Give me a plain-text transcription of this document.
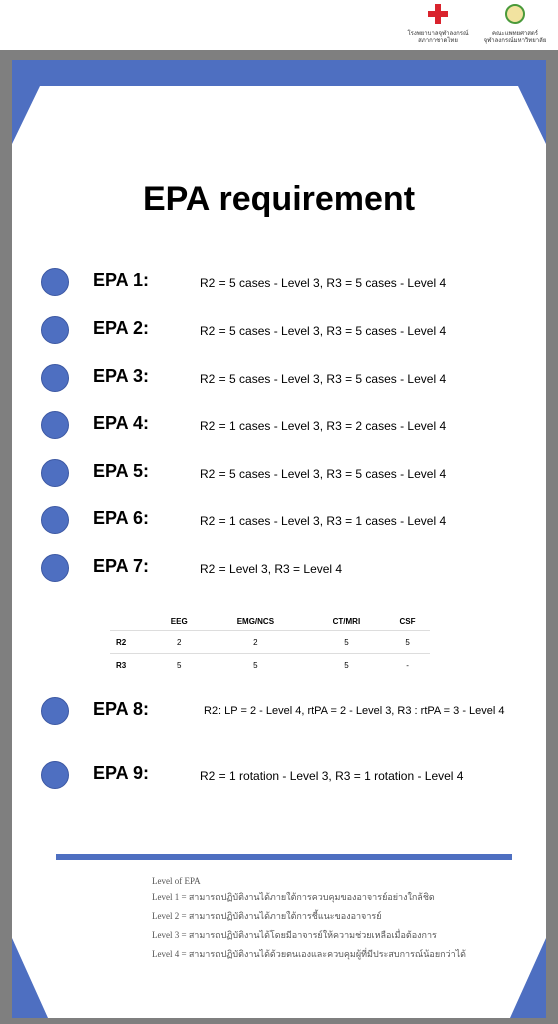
โรงพยาบาลจุฬาลงกรณ์
สภากาชาดไทย
คณะแพทยศาสตร์
จุฬาลงกรณ์มหาวิทยาลัย
EPA requirement
EPA 1:	R2 = 5 cases - Level 3, R3 = 5 cases - Level 4
EPA 2:	R2 = 5 cases - Level 3, R3 = 5 cases - Level 4
EPA 3:	R2 = 5 cases - Level 3, R3 = 5 cases - Level 4
EPA 4:	R2 = 1 cases - Level 3, R3 = 2 cases - Level 4
EPA 5:	R2 = 5 cases - Level 3, R3 = 5 cases - Level 4
EPA 6:	R2 = 1 cases - Level 3, R3 = 1 cases - Level 4
EPA 7:	R2 = Level 3, R3 = Level 4
	EEG	EMG/NCS	CT/MRI	CSF
R2	2	2	5	5
R3	5	5	5	-
EPA 8:	R2: LP = 2 - Level 4, rtPA = 2 - Level 3, R3 : rtPA = 3 - Level 4
EPA 9:	R2 = 1 rotation - Level 3, R3 = 1 rotation - Level 4
Level of EPA
Level 1 = สามารถปฏิบัติงานได้ภายใต้การควบคุมของอาจารย์อย่างใกล้ชิด
Level 2 = สามารถปฏิบัติงานได้ภายใต้การชี้แนะของอาจารย์
Level 3 = สามารถปฏิบัติงานได้โดยมีอาจารย์ให้ความช่วยเหลือเมื่อต้องการ
Level 4 = สามารถปฏิบัติงานได้ด้วยตนเองและควบคุมผู้ที่มีประสบการณ์น้อยกว่าได้
